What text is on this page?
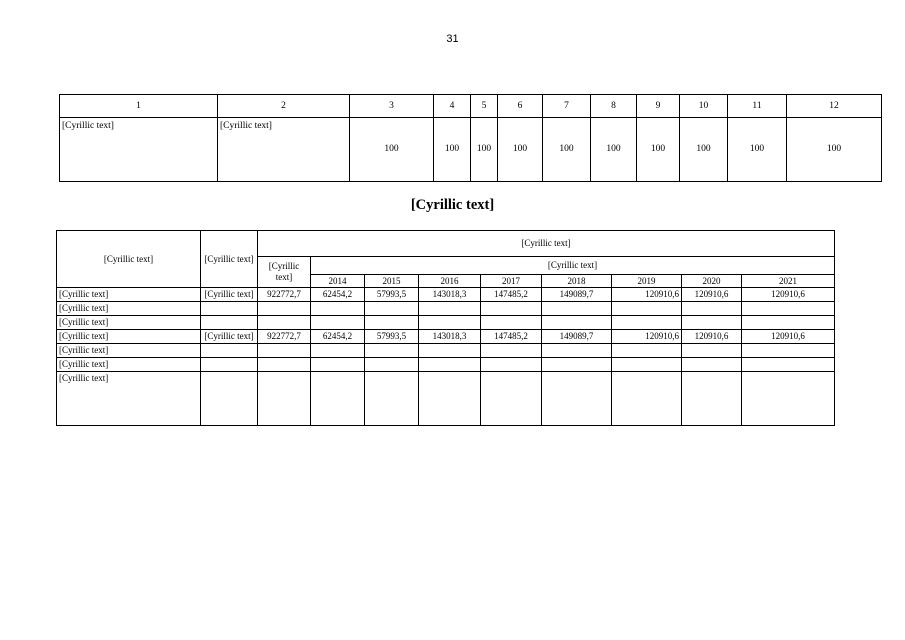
31
1	2	3	4	5	6	7	8	9	10	11	12
[Cyrillic text]	[Cyrillic text]	100	100	100	100	100	100	100	100	100	100
[Cyrillic text]
[Cyrillic text]	[Cyrillic text]	[Cyrillic text]								
		[Cyrillic text]	[Cyrillic text]							
			2014	2015	2016	2017	2018	2019	2020	2021
[Cyrillic text]	[Cyrillic text]	922772,7	62454,2	57993,5	143018,3	147485,2	149089,7	120910,6	120910,6	120910,6
[Cyrillic text]										
[Cyrillic text]										
[Cyrillic text]	[Cyrillic text]	922772,7	62454,2	57993,5	143018,3	147485,2	149089,7	120910,6	120910,6	120910,6
[Cyrillic text]										
[Cyrillic text]										
[Cyrillic text]										
